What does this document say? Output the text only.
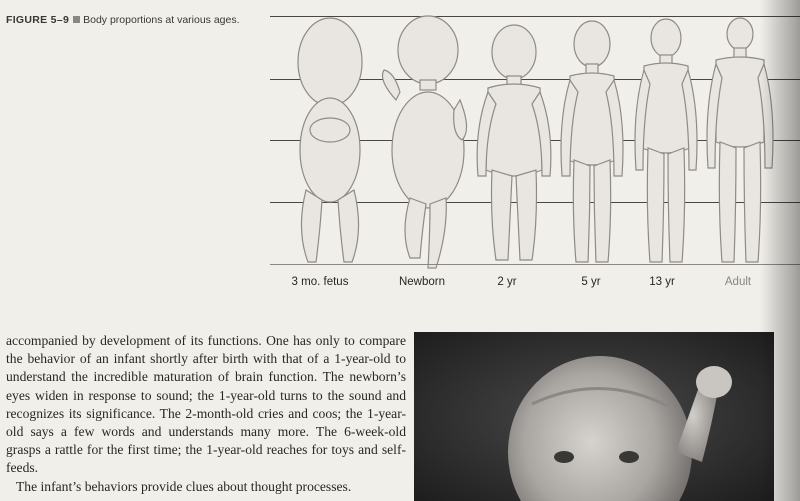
FIGURE 5–9 Body proportions at various ages.
3 mo. fetus	Newborn	2 yr	5 yr	13 yr	Adult

accompanied by development of its functions. One has only to compare the behavior of an infant shortly after birth with that of a 1-year-old to understand the incredible maturation of brain function. The newborn’s eyes widen in response to sound; the 1-year-old turns to the sound and recognizes its significance. The 2-month-old cries and coos; the 1-year-old says a few words and understands many more. The 6-week-old grasps a rattle for the first time; the 1-year-old reaches for toys and self-feeds.

The infant’s behaviors provide clues about thought processes.
